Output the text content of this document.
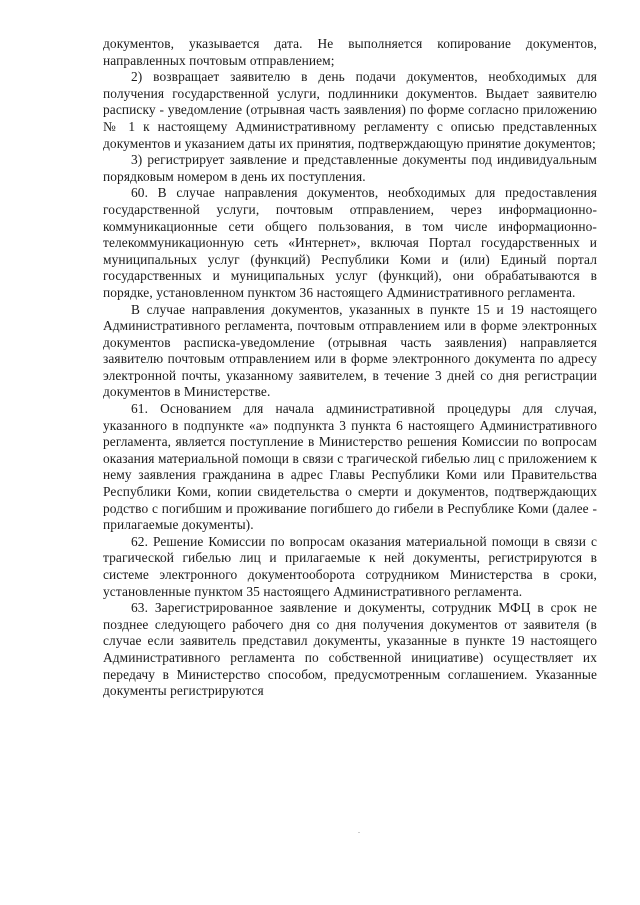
документов, указывается дата. Не выполняется копирование документов, направленных почтовым отправлением;

2) возвращает заявителю в день подачи документов, необходимых для получения государственной услуги, подлинники документов. Выдает заявителю расписку - уведомление (отрывная часть заявления) по форме согласно приложению № 1 к настоящему Административному регламенту с описью представленных документов и указанием даты их принятия, подтверждающую принятие документов;

3) регистрирует заявление и представленные документы под индивидуальным порядковым номером в день их поступления.

60. В случае направления документов, необходимых для предоставления государственной услуги, почтовым отправлением, через информационно-коммуникационные сети общего пользования, в том числе информационно-телекоммуникационную сеть «Интернет», включая Портал государственных и муниципальных услуг (функций) Республики Коми и (или) Единый портал государственных и муниципальных услуг (функций), они обрабатываются в порядке, установленном пунктом 36 настоящего Административного регламента.

В случае направления документов, указанных в пункте 15 и 19 настоящего Административного регламента, почтовым отправлением или в форме электронных документов расписка-уведомление (отрывная часть заявления) направляется заявителю почтовым отправлением или в форме электронного документа по адресу электронной почты, указанному заявителем, в течение 3 дней со дня регистрации документов в Министерстве.

61. Основанием для начала административной процедуры для случая, указанного в подпункте «а» подпункта 3 пункта 6 настоящего Административного регламента, является поступление в Министерство решения Комиссии по вопросам оказания материальной помощи в связи с трагической гибелью лиц с приложением к нему заявления гражданина в адрес Главы Республики Коми или Правительства Республики Коми, копии свидетельства о смерти и документов, подтверждающих родство с погибшим и проживание погибшего до гибели в Республике Коми (далее - прилагаемые документы).

62. Решение Комиссии по вопросам оказания материальной помощи в связи с трагической гибелью лиц и прилагаемые к ней документы, регистрируются в системе электронного документооборота сотрудником Министерства в сроки, установленные пунктом 35 настоящего Административного регламента.

63. Зарегистрированное заявление и документы, сотрудник МФЦ в срок не позднее следующего рабочего дня со дня получения документов от заявителя (в случае если заявитель представил документы, указанные в пункте 19 настоящего Административного регламента по собственной инициативе) осуществляет их передачу в Министерство способом, предусмотренным соглашением. Указанные документы регистрируются
